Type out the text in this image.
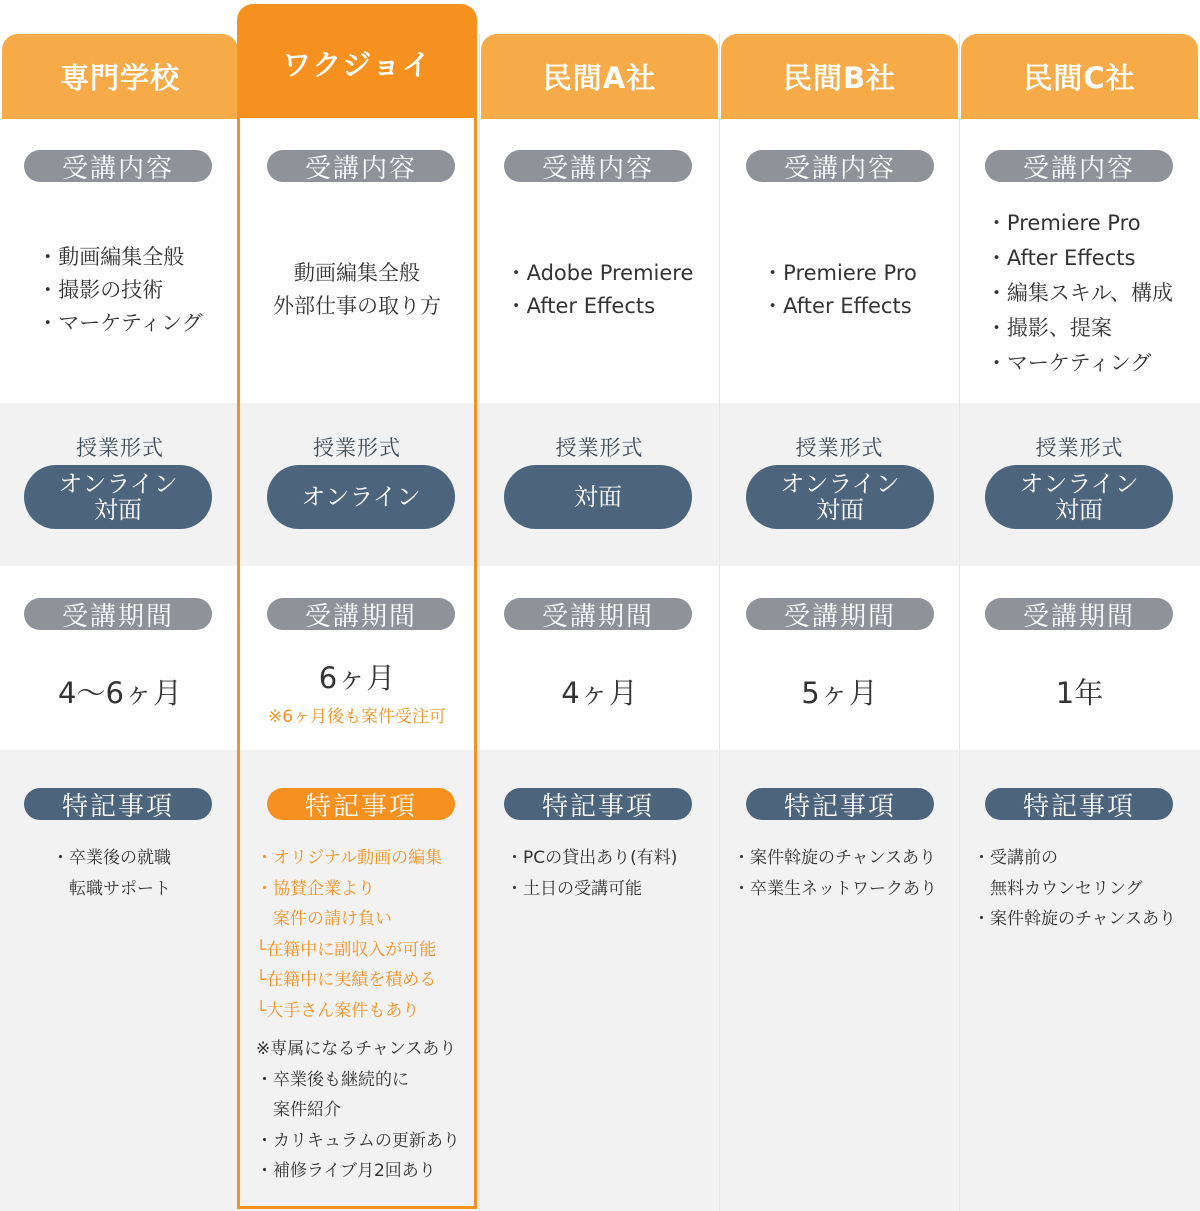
専門学校
受講内容
・動画編集全般
・撮影の技術
・マーケティング
授業形式
オンライン
対面
受講期間
4〜6ヶ月
特記事項
・卒業後の就職
　転職サポート
ワクジョイ
受講内容
動画編集全般
外部仕事の取り方
授業形式
オンライン
受講期間
6ヶ月
※6ヶ月後も案件受注可
特記事項
・オリジナル動画の編集
・協賛企業より
　案件の請け負い
└在籍中に副収入が可能
└在籍中に実績を積める
└大手さん案件もあり
※専属になるチャンスあり
・卒業後も継続的に
　案件紹介
・カリキュラムの更新あり
・補修ライブ月2回あり
民間A社
受講内容
・Adobe Premiere
・After Effects
授業形式
対面
受講期間
4ヶ月
特記事項
・PCの貸出あり(有料)
・土日の受講可能
民間B社
受講内容
・Premiere Pro
・After Effects
授業形式
オンライン
対面
受講期間
5ヶ月
特記事項
・案件斡旋のチャンスあり
・卒業生ネットワークあり
民間C社
受講内容
・Premiere Pro
・After Effects
・編集スキル、構成
・撮影、提案
・マーケティング
授業形式
オンライン
対面
受講期間
1年
特記事項
・受講前の
　無料カウンセリング
・案件斡旋のチャンスあり
